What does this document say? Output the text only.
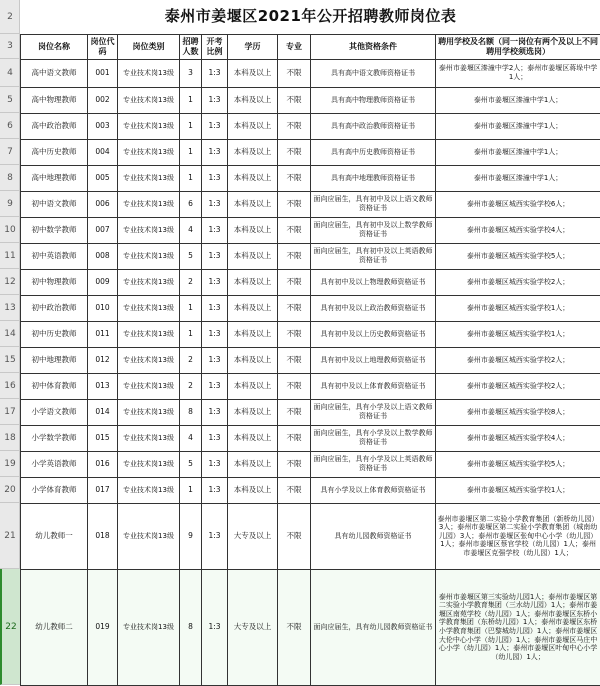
2
3
4
5
6
7
8
9
10
11
12
13
14
15
16
17
18
19
20
21
22
泰州市姜堰区2021年公开招聘教师岗位表								
岗位名称	岗位代码	岗位类别	招聘人数	开考比例	学历	专业	其他资格条件	聘用学校及名额（同一岗位有两个及以上不同聘用学校须选岗）
高中语文教师	001	专业技术岗13级	3	1:3	本科及以上	不限	具有高中语文教师资格证书	泰州市姜堰区溱潼中学2人；泰州市姜堰区蒋垛中学1人；
高中物理教师	002	专业技术岗13级	1	1:3	本科及以上	不限	具有高中物理教师资格证书	泰州市姜堰区溱潼中学1人；
高中政治教师	003	专业技术岗13级	1	1:3	本科及以上	不限	具有高中政治教师资格证书	泰州市姜堰区溱潼中学1人；
高中历史教师	004	专业技术岗13级	1	1:3	本科及以上	不限	具有高中历史教师资格证书	泰州市姜堰区溱潼中学1人；
高中地理教师	005	专业技术岗13级	1	1:3	本科及以上	不限	具有高中地理教师资格证书	泰州市姜堰区溱潼中学1人；
初中语文教师	006	专业技术岗13级	6	1:3	本科及以上	不限	面向应届生，具有初中及以上语文教师资格证书	泰州市姜堰区城西实验学校6人；
初中数学教师	007	专业技术岗13级	4	1:3	本科及以上	不限	面向应届生，具有初中及以上数学教师资格证书	泰州市姜堰区城西实验学校4人；
初中英语教师	008	专业技术岗13级	5	1:3	本科及以上	不限	面向应届生，具有初中及以上英语教师资格证书	泰州市姜堰区城西实验学校5人；
初中物理教师	009	专业技术岗13级	2	1:3	本科及以上	不限	具有初中及以上物理教师资格证书	泰州市姜堰区城西实验学校2人；
初中政治教师	010	专业技术岗13级	1	1:3	本科及以上	不限	具有初中及以上政治教师资格证书	泰州市姜堰区城西实验学校1人；
初中历史教师	011	专业技术岗13级	1	1:3	本科及以上	不限	具有初中及以上历史教师资格证书	泰州市姜堰区城西实验学校1人；
初中地理教师	012	专业技术岗13级	2	1:3	本科及以上	不限	具有初中及以上地理教师资格证书	泰州市姜堰区城西实验学校2人；
初中体育教师	013	专业技术岗13级	2	1:3	本科及以上	不限	具有初中及以上体育教师资格证书	泰州市姜堰区城西实验学校2人；
小学语文教师	014	专业技术岗13级	8	1:3	本科及以上	不限	面向应届生，具有小学及以上语文教师资格证书	泰州市姜堰区城西实验学校8人；
小学数学教师	015	专业技术岗13级	4	1:3	本科及以上	不限	面向应届生，具有小学及以上数学教师资格证书	泰州市姜堰区城西实验学校4人；
小学英语教师	016	专业技术岗13级	5	1:3	本科及以上	不限	面向应届生，具有小学及以上英语教师资格证书	泰州市姜堰区城西实验学校5人；
小学体育教师	017	专业技术岗13级	1	1:3	本科及以上	不限	具有小学及以上体育教师资格证书	泰州市姜堰区城西实验学校1人；
幼儿教师一	018	专业技术岗13级	9	1:3	大专及以上	不限	具有幼儿园教师资格证书	泰州市姜堰区第二实验小学教育集团（新桥幼儿园）3人；泰州市姜堰区第二实验小学教育集团（城南幼儿园）3人；泰州市姜堰区张甸中心小学（幼儿园）1人；泰州市姜堰区蔡官学校（幼儿园）1人；泰州市姜堰区克强学校（幼儿园）1人；
幼儿教师二	019	专业技术岗13级	8	1:3	大专及以上	不限	面向应届生，具有幼儿园教师资格证书	泰州市姜堰区第三实验幼儿园1人；泰州市姜堰区第二实验小学教育集团（三水幼儿园）1人；泰州市姜堰区南苑学校（幼儿园）1人；泰州市姜堰区东桥小学教育集团（东桥幼儿园）1人；泰州市姜堰区东桥小学教育集团（巴黎城幼儿园）1人；泰州市姜堰区大伦中心小学（幼儿园）1人；泰州市姜堰区马庄中心小学（幼儿园）1人；泰州市姜堰区叶甸中心小学（幼儿园）1人；
